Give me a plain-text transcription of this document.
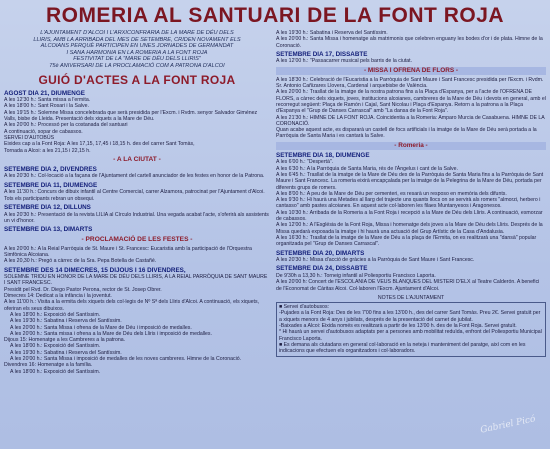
ROMERIA AL SANTUARI DE LA FONT ROJA

L'AJUNTAMENT D'ALCOI I L'ARXICONFRARIA DE LA MARE DE DÉU DELS

LLIRIS, AMB LA ARRIBADA DEL MES DE SETEMBRE, CRIDEN NOVAMENT ELS

ALCOIANS PERQUÈ PARTICIPEN EN UNES JORNADES DE GERMANDAT

I SANA HARMONIA EN LA ROMERIA A LA FONT ROJA

FESTIVITAT DE LA "MARE DE DÉU DELS LLIRIS"

75è ANIVERSARI DE LA PROCLAMACIÓ COM A PATRONA D'ALCOI

GUIÓ D'ACTES A LA FONT ROJA

AGOST DIA 21, DIUMENGE

A les 12'30 h.: Santa missa a l'ermita.

A les 18'00 h.: Sant Rosari i la Salve.

A les 19'15 h.: Solemne Missa concelebrada que serà presidida per l'Excm. i Rvdm. senyor Salvador Giménez Valls, bisbe de Lleida. Presentació dels xiquets a la Mare de Déu.

A les 20'00 h.: Processó per la costanada del santuari

A continuació, sopar de cabassos.

SERVEI D'AUTOBÚS

Eixides cap a la Font Roja: A les 17,15, 17,45 i 18,15 h. des del carrer Sant Tomàs,

Tornada a Alcoi: a les 21,15 i 22,15 h.

- A LA CIUTAT -

SETEMBRE DIA 2, DIVENDRES

A les 20'30 h.: Col·locació a la façana de l'Ajuntament del cartell anunciador de les festes en honor de la Patrona.

SETEMBRE DIA 11, DIUMENGE

A les 11'30 h.: Concurs de dibuix infantil al Centre Comercial, carrer Alzamora, patrocinat per l'Ajuntament d'Alcoi. Tots els participants rebran un obsequi.

SETEMBRE DIA 12, DILLUNS

A les 20'30 h.: Presentació de la revista LILIA al Círculo Industrial. Una vegada acabat l'acte, s'oferirà als assistents un vi d'honor.

SETEMBRE DIA 13, DIMARTS

- PROCLAMACIÓ DE LES FESTES -

A les 20'00 h.: A la Reial Parròquia de St. Maure i St. Francesc: Eucaristia amb la participació de l'Orquestra Simfònica Alcoiana.

A les 20,30 h.: Pregó a càrrec de la Sra. Pepa Botella de Castañé.

SETEMBRE DES 14 DIMECRES, 15 DIJOUS I 16 DIVENDRES,

SOLEMNE TRIDU EN HONOR DE LA MARE DE DÉU DELS LLIRIS, A LA REIAL PARRÒQUIA DE SANT MAURE I SANT FRANCESC.

Presidit pel Rvd. Dr. Diego Pastor Perona, rector de St. Josep Obrer.

Dimecres 14: Dedicat a la infància i la joventut.

A les 11'00 h.: Visita a la ermita dels xiquets dels col·legis de Nº Sª dels Lliris d'Alcoi. A continuació, els xiquets, oferiran els seus dibuixos.

A les 18'00 h.: Exposició del Santíssim.

A les 19'30 h.: Sabatina i Reserva del Santíssim.

A les 20'00 h.: Santa Missa i ofrena de la Mare de Déu i imposició de medalles.

A les 20'00 h.: Santa missa i ofrena a la Mare de Déu dels Lliris i imposició de medalles.

Dijous 15: Homenatge a les Cambreres a la patrona.

A les 18'00 h.: Exposició del Santíssim.

A les 19'30 h.: Sabatina i Reserva del Santíssim.

A les 20'00 h.: Santa Missa i imposició de medalles de les noves cambreres. Himne de la Coronació.

Divendres 16: Homenatge a la família.

A les 18'00 h.: Exposició del Santíssim.

A les 19'30 h.: Sabatina i Reserva del Santíssim.

A les 20'00 h.: Santa Missa i homenatge als matrimonis que celebren enguany les bodes d'or i de plata. Himne de la Coronació.

SETEMBRE DIA 17, DISSABTE

A les 12'00 h.: "Passacarrer musical pels barris de la ciutat.

- MISSA I OFRENA DE FLORS -

A les 18'30 h.: Celebració de l'Eucaristia a la Parròquia de Sant Maure i Sant Francesc presidida per l'Excm. i Rvdm. Sr. Antonio Cañizares Llovera, Cardenal i arquebisbe de València.

A les 20'00 h.: Trasllat de la imatge de la nostra patrona fins a la Plaça d'Espanya, per a l'acte de l'OFRENA DE FLORS, a càrrec dels xiquets, joves, institucions alcoianes, cambreres de la Mare de Déu i devots en general, amb el recorregut següent: Plaça de Ramón i Cajal, Sant Nicolau i Plaça d'Espanya. Retorn a la patrona a la Plaça d'Espanya el "Grup de Danses Carrascal" amb "La dansa de la Font Roja".

A les 21'30 h.: HIMNE DE LA FONT ROJA. Coincidentia a la Romeria: Amparo Murcia de Casabuena. HIMNE DE LA CORONACIÓ.

Quan acabe aquest acte, es dispararà un castell de focs artificials i la imatge de la Mare de Déu serà portada a la Parròquia de Santa Maria i es cantarà la Salve.

- Romeria -

SETEMBRE DIA 18, DIUMENGE

A les 6'00 h.: "Despertà".

A les 6'30 h.: A la Parròquia de Santa Maria, rés de l'Àngelus i cant de la Salve.

A les 6'45 h.: Trasllat de la imatge de la Mare de Déu des de la Parròquia de Santa Maria fins a la Parròquia de Sant Maure i Sant Francesc. La romeria eixirà encapçalada per la imatge de la Pelegrina de la Mare de Déu, portada per diferents grups de romers.

A les 8'00 h.: A peu de la Mare de Déu per cementeri, es resarà un resposo en memòria dels difunts.

A les 9'30 h.: Hi haurà una Metades al llarg del trajecte uns quants llocs on se servirà als romers "almorzi, herbero i cantasso" amb pastes alcoianes. En aquest acte col·laboren les filaes Muntanyesos i Aragonesos.

A les 10'30 h.: Arribada de la Romeria a la Font Roja i recepció a la Mare de Déu dels Lliris. A continuació, esmorzar de cabassos.

A les 12'00 h.: A l'Església de la Font Roja, Missa i homenatge dels joves a la Mare de Déu dels Lliris. Després de la Missa quedarà exposada la imatge i hi haurà una actuació del Grup Artístic de la Casa d'Andalusia.

A les 16'30 h.: Trasllat de la imatge de la Mare de Déu a la plaça de l'Ermita, on es realitzarà una "dansà" popular organitzada pel "Grup de Danses Carrascal".

SETEMBRE DIA 20, DIMARTS

A les 20'30 h.: Missa d'acció de gràcies a la Parròquia de Sant Maure i Sant Francesc.

SETEMBRE DIA 24, DISSABTE

De 9'30h a 13,30 h.: Torneig infantil al Poliesportiu Francisco Laporta.

A les 20'00 h: Concert de l'ESCOLANIA DE VEUS BLANQUES DEL MISTERI D'ELX al Teatre Calderón. A benefici de l'Economat de Càritas Alcoi. Col·laboren l'Excm. Ajuntament d'Alcoi.

NOTES DE L'AJUNTAMENT

■ Servei d'autobusos:

-Pujades a la Font Roja: Des de les 7'00 fins a les 13'00 h., des del carrer Sant Tomàs. Preu 2€. Servei gratuït per a xiquets menors de 4 anys i jubilats, després de la presentació del carnet de jubilat.

-Baixades a Alcoi: Eixida només es realitzarà a partir de les 13'00 h. des de la Font Roja. Servei gratuït.

* Hi haurà un servei d'autobusos adaptats per a persones amb mobilitat reduïda, enfront del Poliesportiu Municipal Francisco Laporta.

■ Es demana als ciutadans en general col·laboració en la neteja i manteniment del paratge, així com en les indicacions que efectuen els organitzadors i col·laboradors.

Gabriel Picó
